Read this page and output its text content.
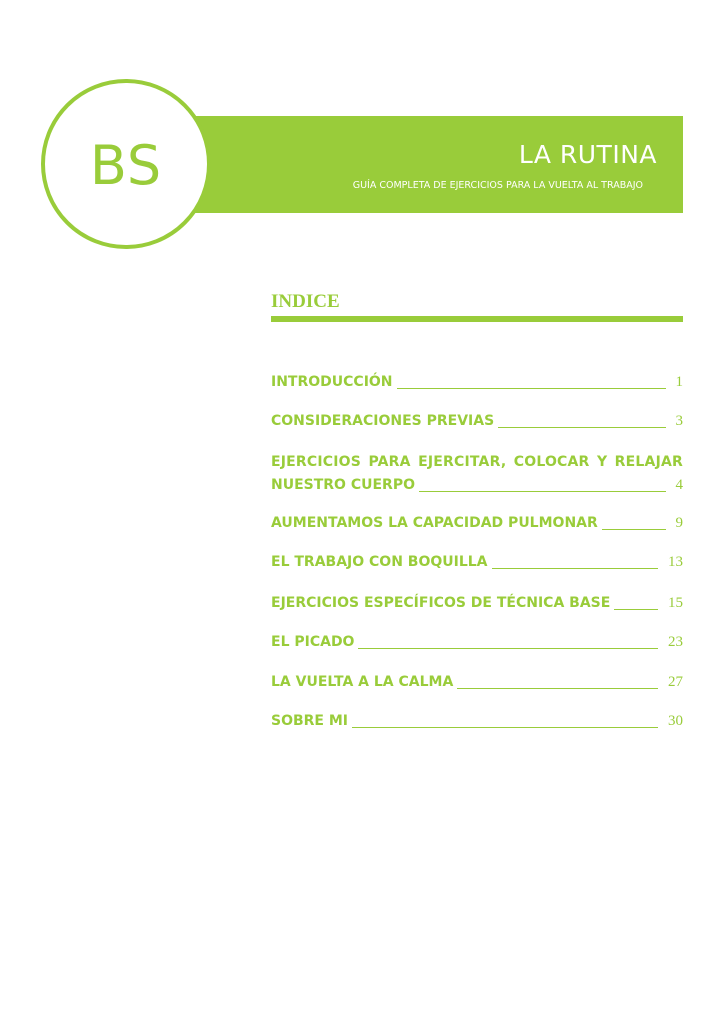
LA RUTINA
GUÍA COMPLETA DE EJERCICIOS PARA LA VUELTA AL TRABAJO
BS
INDICE
INTRODUCCIÓN	1
CONSIDERACIONES PREVIAS	3
EJERCICIOS PARA EJERCITAR, COLOCAR Y RELAJAR
NUESTRO CUERPO	4
AUMENTAMOS LA CAPACIDAD PULMONAR	9
EL TRABAJO CON BOQUILLA	13
EJERCICIOS ESPECÍFICOS DE TÉCNICA BASE	15
EL PICADO	23
LA VUELTA A LA CALMA	27
SOBRE MI	30
